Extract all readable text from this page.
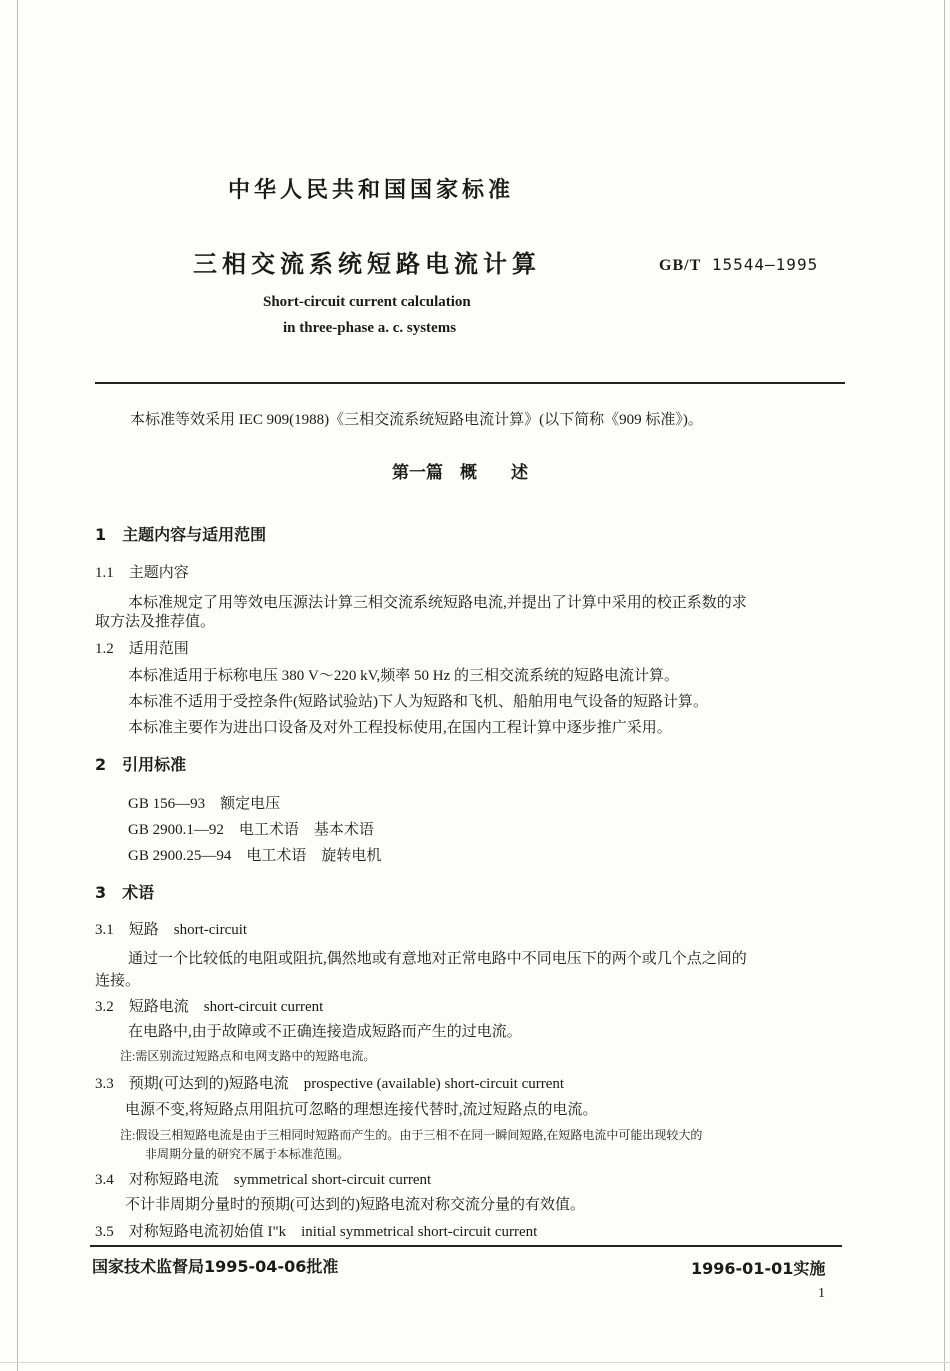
中华人民共和国国家标准
三相交流系统短路电流计算	GB/T 15544—1995
Short-circuit current calculation
in three-phase a. c. systems
本标准等效采用 IEC 909(1988)《三相交流系统短路电流计算》(以下简称《909 标准》)。
第一篇　概　　述
1　主题内容与适用范围
1.1　主题内容
本标准规定了用等效电压源法计算三相交流系统短路电流,并提出了计算中采用的校正系数的求
取方法及推荐值。
1.2　适用范围
本标准适用于标称电压 380 V～220 kV,频率 50 Hz 的三相交流系统的短路电流计算。
本标准不适用于受控条件(短路试验站)下人为短路和飞机、船舶用电气设备的短路计算。
本标准主要作为进出口设备及对外工程投标使用,在国内工程计算中逐步推广采用。
2　引用标准
GB 156—93　额定电压
GB 2900.1—92　电工术语　基本术语
GB 2900.25—94　电工术语　旋转电机
3　术语
3.1　短路　short-circuit
通过一个比较低的电阻或阻抗,偶然地或有意地对正常电路中不同电压下的两个或几个点之间的
连接。
3.2　短路电流　short-circuit current
在电路中,由于故障或不正确连接造成短路而产生的过电流。
注:需区别流过短路点和电网支路中的短路电流。
3.3　预期(可达到的)短路电流　prospective (available) short-circuit current
电源不变,将短路点用阻抗可忽略的理想连接代替时,流过短路点的电流。
注:假设三相短路电流是由于三相同时短路而产生的。由于三相不在同一瞬间短路,在短路电流中可能出现较大的
非周期分量的研究不属于本标准范围。
3.4　对称短路电流　symmetrical short-circuit current
不计非周期分量时的预期(可达到的)短路电流对称交流分量的有效值。
3.5　对称短路电流初始值 I"k　initial symmetrical short-circuit current
国家技术监督局1995-04-06批准	1996-01-01实施
1
